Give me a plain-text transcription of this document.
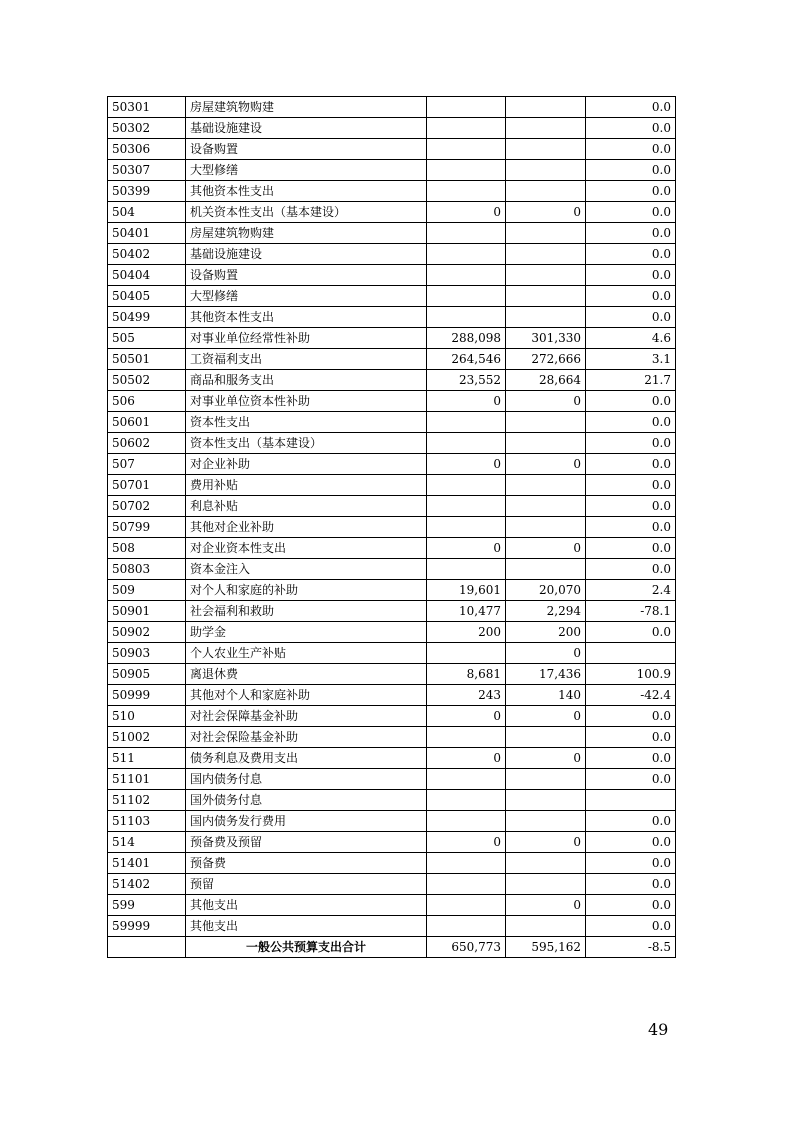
50301	房屋建筑物购建			0.0
50302	基础设施建设			0.0
50306	设备购置			0.0
50307	大型修缮			0.0
50399	其他资本性支出			0.0
504	机关资本性支出（基本建设）	0	0	0.0
50401	房屋建筑物购建			0.0
50402	基础设施建设			0.0
50404	设备购置			0.0
50405	大型修缮			0.0
50499	其他资本性支出			0.0
505	对事业单位经常性补助	288,098	301,330	4.6
50501	工资福利支出	264,546	272,666	3.1
50502	商品和服务支出	23,552	28,664	21.7
506	对事业单位资本性补助	0	0	0.0
50601	资本性支出			0.0
50602	资本性支出（基本建设）			0.0
507	对企业补助	0	0	0.0
50701	费用补贴			0.0
50702	利息补贴			0.0
50799	其他对企业补助			0.0
508	对企业资本性支出	0	0	0.0
50803	资本金注入			0.0
509	对个人和家庭的补助	19,601	20,070	2.4
50901	社会福利和救助	10,477	2,294	-78.1
50902	助学金	200	200	0.0
50903	个人农业生产补贴		0	
50905	离退休费	8,681	17,436	100.9
50999	其他对个人和家庭补助	243	140	-42.4
510	对社会保障基金补助	0	0	0.0
51002	对社会保险基金补助			0.0
511	债务利息及费用支出	0	0	0.0
51101	国内债务付息			0.0
51102	国外债务付息			
51103	国内债务发行费用			0.0
514	预备费及预留	0	0	0.0
51401	预备费			0.0
51402	预留			0.0
599	其他支出		0	0.0
59999	其他支出			0.0
	一般公共预算支出合计	650,773	595,162	-8.5
49
